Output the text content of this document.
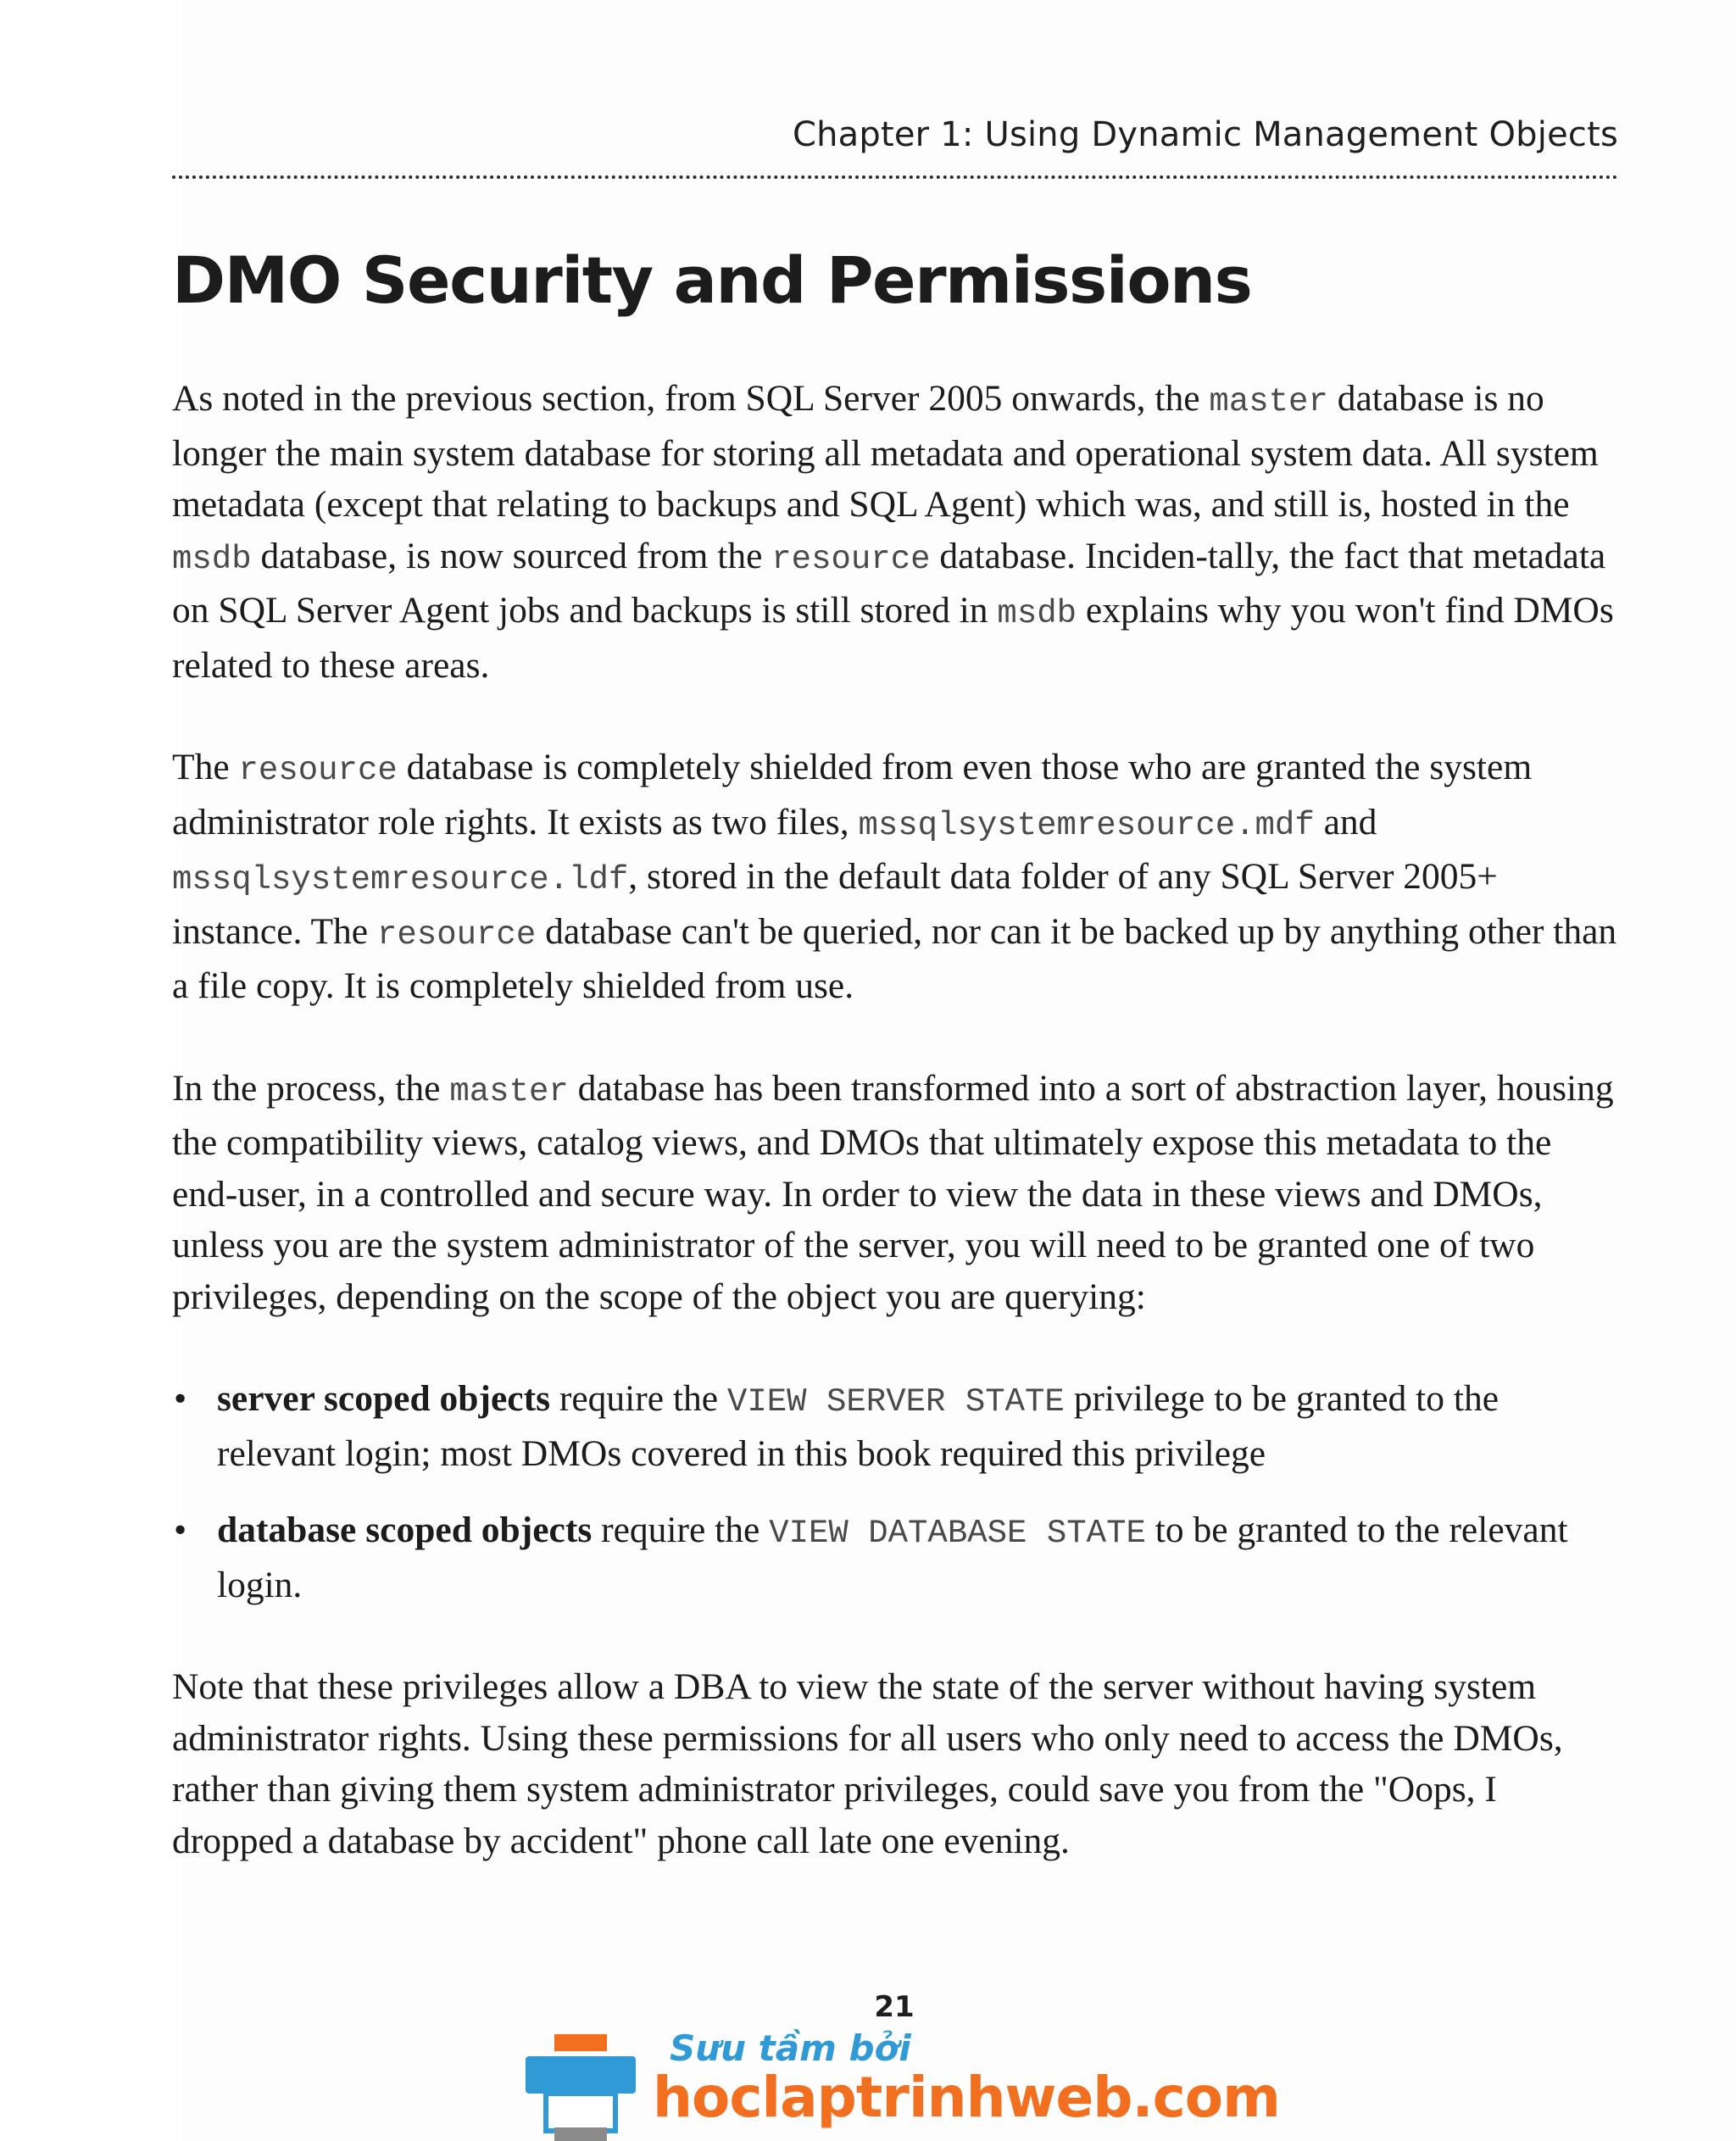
Chapter 1: Using Dynamic Management Objects
DMO Security and Permissions

As noted in the previous section, from SQL Server 2005 onwards, the master database is no longer the main system database for storing all metadata and operational system data. All system metadata (except that relating to backups and SQL Agent) which was, and still is, hosted in the msdb database, is now sourced from the resource database. Inciden-tally, the fact that metadata on SQL Server Agent jobs and backups is still stored in msdb explains why you won't find DMOs related to these areas.

The resource database is completely shielded from even those who are granted the system administrator role rights. It exists as two files, mssqlsystemresource.mdf and mssqlsystemresource.ldf, stored in the default data folder of any SQL Server 2005+ instance. The resource database can't be queried, nor can it be backed up by anything other than a file copy. It is completely shielded from use.

In the process, the master database has been transformed into a sort of abstraction layer, housing the compatibility views, catalog views, and DMOs that ultimately expose this metadata to the end-user, in a controlled and secure way. In order to view the data in these views and DMOs, unless you are the system administrator of the server, you will need to be granted one of two privileges, depending on the scope of the object you are querying:

• server scoped objects require the VIEW SERVER STATE privilege to be granted to the relevant login; most DMOs covered in this book required this privilege
• database scoped objects require the VIEW DATABASE STATE to be granted to the relevant login.

Note that these privileges allow a DBA to view the state of the server without having system administrator rights. Using these permissions for all users who only need to access the DMOs, rather than giving them system administrator privileges, could save you from the "Oops, I dropped a database by accident" phone call late one evening.

21
Sưu tầm bởi
hoclaptrinhweb.com
